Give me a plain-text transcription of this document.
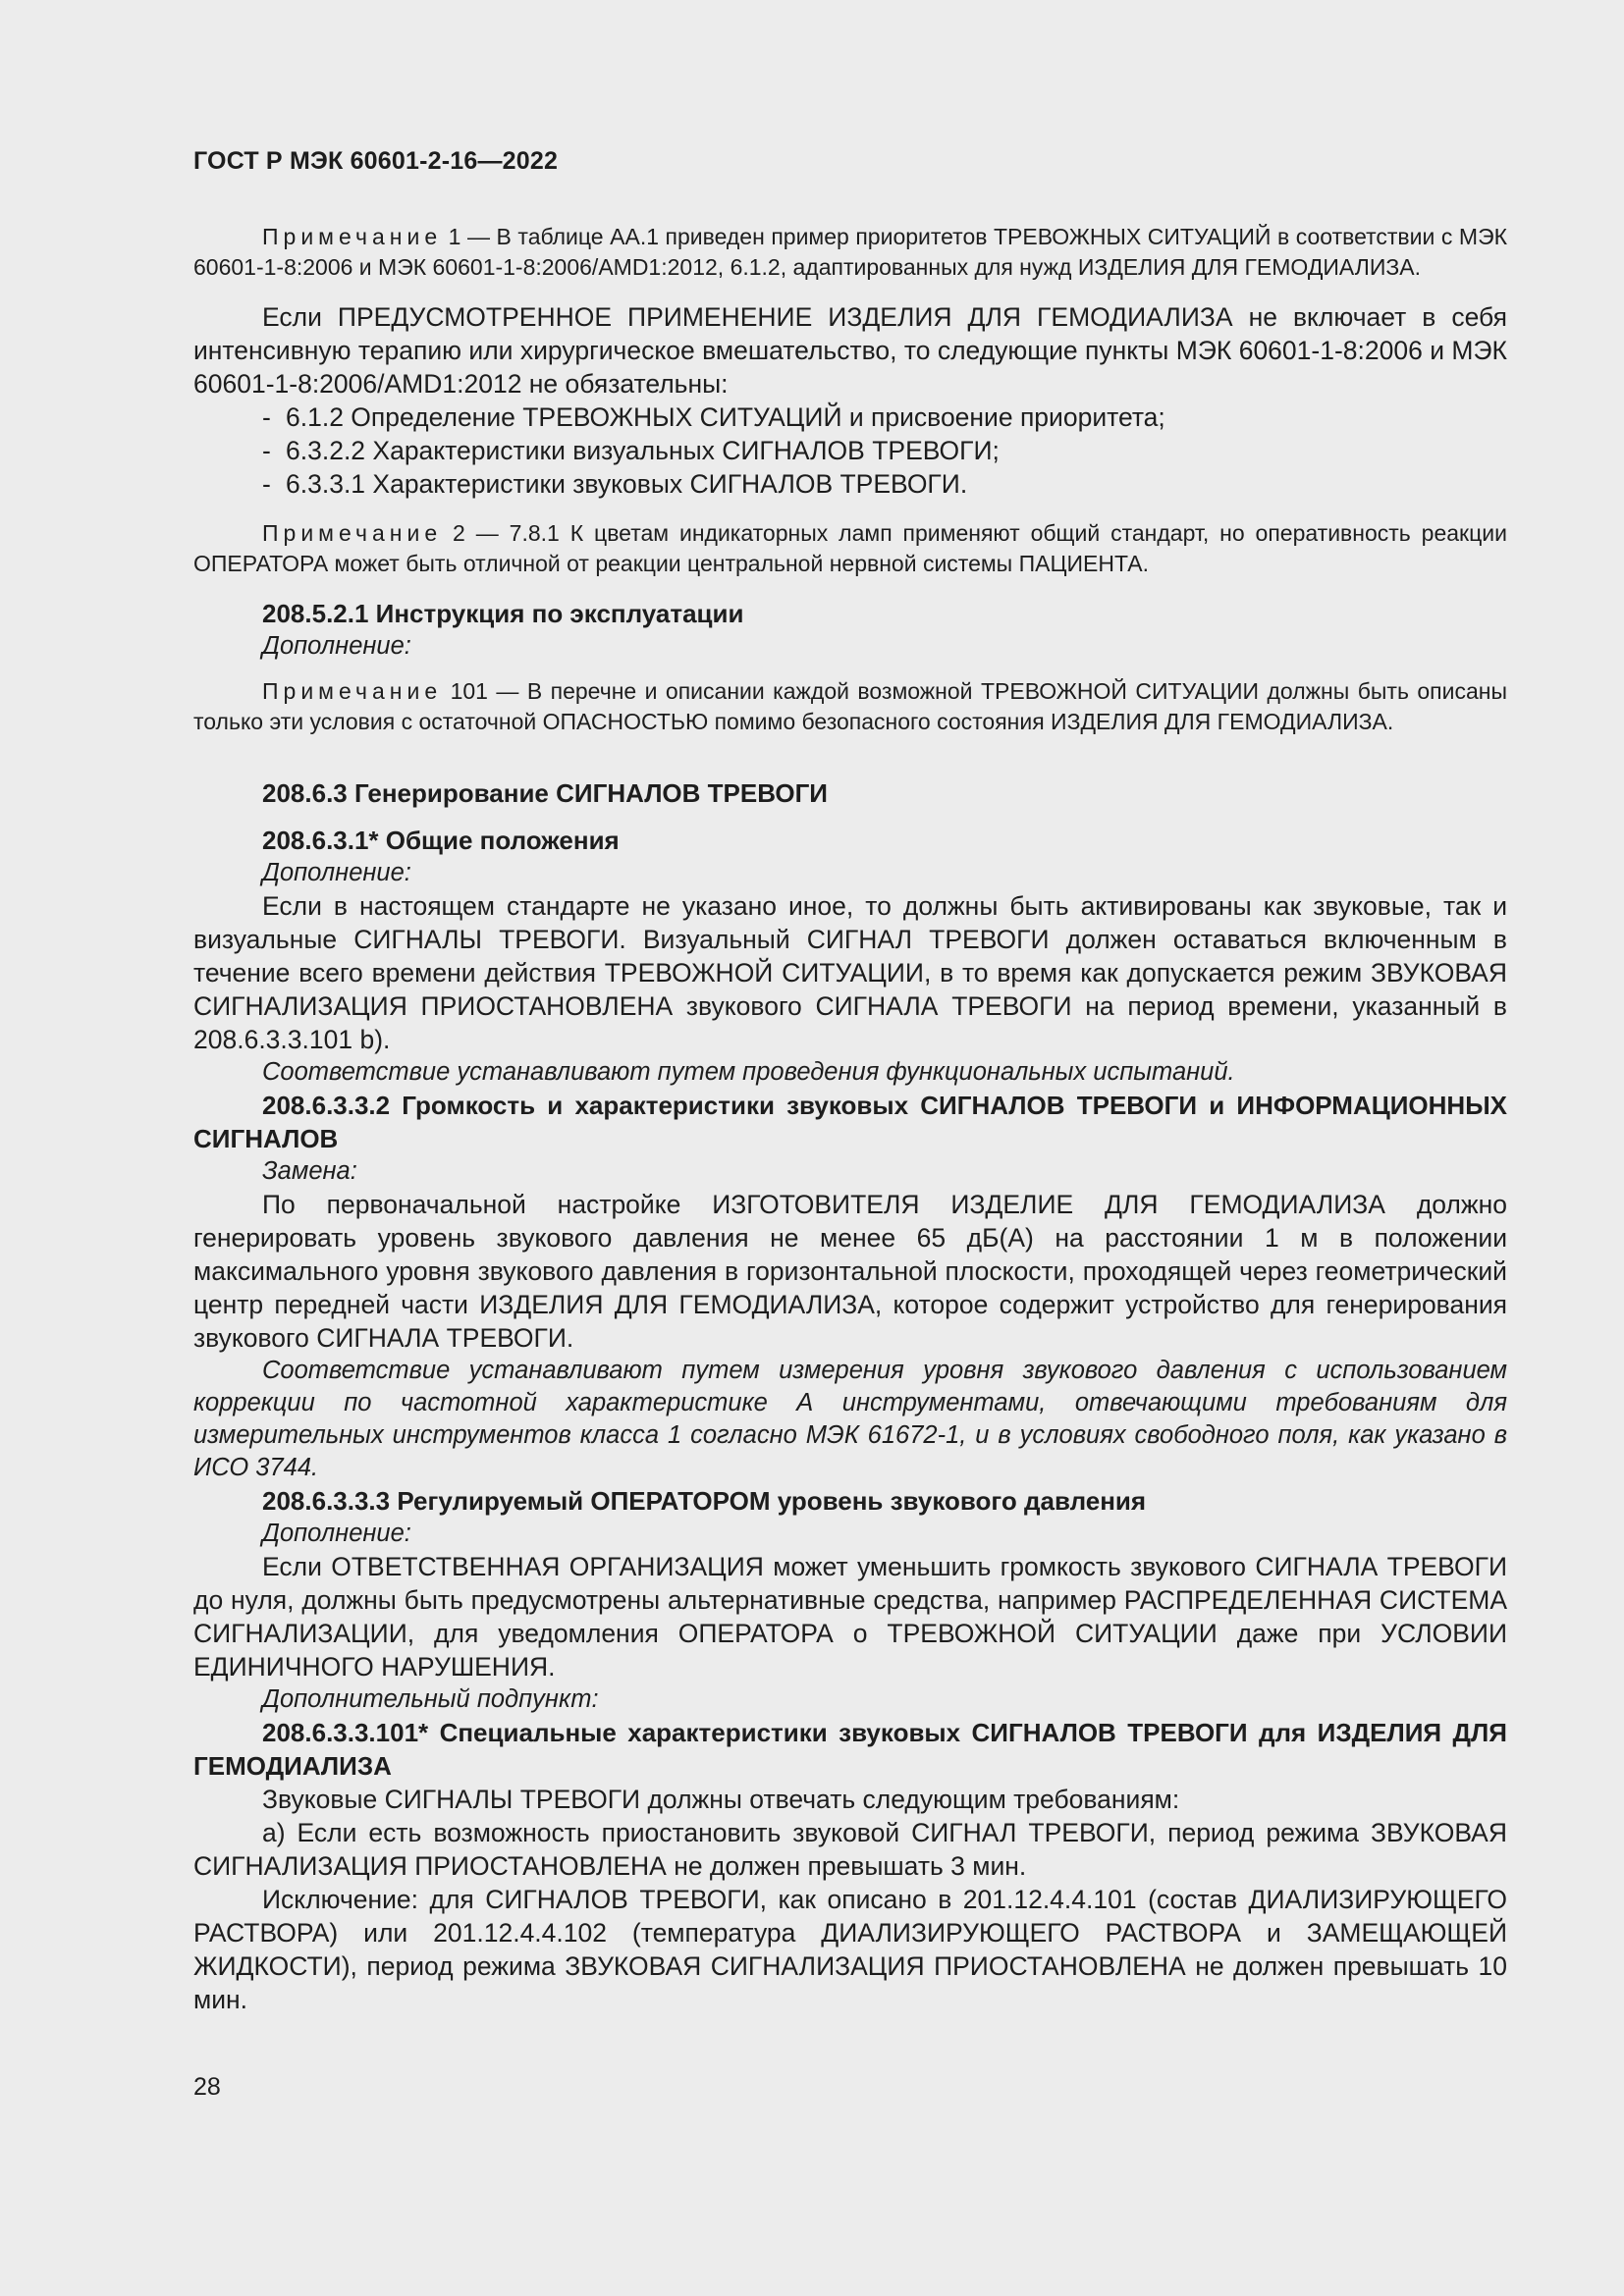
ГОСТ Р МЭК 60601-2-16—2022

Примечание 1 — В таблице АА.1 приведен пример приоритетов ТРЕВОЖНЫХ СИТУАЦИЙ в соответствии с МЭК 60601-1-8:2006 и МЭК 60601-1-8:2006/AMD1:2012, 6.1.2, адаптированных для нужд ИЗДЕЛИЯ ДЛЯ ГЕМОДИАЛИЗА.

Если ПРЕДУСМОТРЕННОЕ ПРИМЕНЕНИЕ ИЗДЕЛИЯ ДЛЯ ГЕМОДИАЛИЗА не включает в себя интенсивную терапию или хирургическое вмешательство, то следующие пункты МЭК 60601-1-8:2006 и МЭК 60601-1-8:2006/AMD1:2012 не обязательны:

- 6.1.2 Определение ТРЕВОЖНЫХ СИТУАЦИЙ и присвоение приоритета;
- 6.3.2.2 Характеристики визуальных СИГНАЛОВ ТРЕВОГИ;
- 6.3.3.1 Характеристики звуковых СИГНАЛОВ ТРЕВОГИ.

Примечание 2 — 7.8.1 К цветам индикаторных ламп применяют общий стандарт, но оперативность реакции ОПЕРАТОРА может быть отличной от реакции центральной нервной системы ПАЦИЕНТА.

208.5.2.1 Инструкция по эксплуатации

Дополнение:

Примечание 101 — В перечне и описании каждой возможной ТРЕВОЖНОЙ СИТУАЦИИ должны быть описаны только эти условия с остаточной ОПАСНОСТЬЮ помимо безопасного состояния ИЗДЕЛИЯ ДЛЯ ГЕМОДИАЛИЗА.

208.6.3 Генерирование СИГНАЛОВ ТРЕВОГИ

208.6.3.1* Общие положения

Дополнение:

Если в настоящем стандарте не указано иное, то должны быть активированы как звуковые, так и визуальные СИГНАЛЫ ТРЕВОГИ. Визуальный СИГНАЛ ТРЕВОГИ должен оставаться включенным в течение всего времени действия ТРЕВОЖНОЙ СИТУАЦИИ, в то время как допускается режим ЗВУКОВАЯ СИГНАЛИЗАЦИЯ ПРИОСТАНОВЛЕНА звукового СИГНАЛА ТРЕВОГИ на период времени, указанный в 208.6.3.3.101 b).

Соответствие устанавливают путем проведения функциональных испытаний.

208.6.3.3.2 Громкость и характеристики звуковых СИГНАЛОВ ТРЕВОГИ и ИНФОРМАЦИОННЫХ СИГНАЛОВ

Замена:

По первоначальной настройке ИЗГОТОВИТЕЛЯ ИЗДЕЛИЕ ДЛЯ ГЕМОДИАЛИЗА должно генерировать уровень звукового давления не менее 65 дБ(А) на расстоянии 1 м в положении максимального уровня звукового давления в горизонтальной плоскости, проходящей через геометрический центр передней части ИЗДЕЛИЯ ДЛЯ ГЕМОДИАЛИЗА, которое содержит устройство для генерирования звукового СИГНАЛА ТРЕВОГИ.

Соответствие устанавливают путем измерения уровня звукового давления с использованием коррекции по частотной характеристике А инструментами, отвечающими требованиям для измерительных инструментов класса 1 согласно МЭК 61672-1, и в условиях свободного поля, как указано в ИСО 3744.

208.6.3.3.3 Регулируемый ОПЕРАТОРОМ уровень звукового давления

Дополнение:

Если ОТВЕТСТВЕННАЯ ОРГАНИЗАЦИЯ может уменьшить громкость звукового СИГНАЛА ТРЕВОГИ до нуля, должны быть предусмотрены альтернативные средства, например РАСПРЕДЕЛЕННАЯ СИСТЕМА СИГНАЛИЗАЦИИ, для уведомления ОПЕРАТОРА о ТРЕВОЖНОЙ СИТУАЦИИ даже при УСЛОВИИ ЕДИНИЧНОГО НАРУШЕНИЯ.

Дополнительный подпункт:

208.6.3.3.101* Специальные характеристики звуковых СИГНАЛОВ ТРЕВОГИ для ИЗДЕЛИЯ ДЛЯ ГЕМОДИАЛИЗА

Звуковые СИГНАЛЫ ТРЕВОГИ должны отвечать следующим требованиям:

a) Если есть возможность приостановить звуковой СИГНАЛ ТРЕВОГИ, период режима ЗВУКОВАЯ СИГНАЛИЗАЦИЯ ПРИОСТАНОВЛЕНА не должен превышать 3 мин.

Исключение: для СИГНАЛОВ ТРЕВОГИ, как описано в 201.12.4.4.101 (состав ДИАЛИЗИРУЮЩЕГО РАСТВОРА) или 201.12.4.4.102 (температура ДИАЛИЗИРУЮЩЕГО РАСТВОРА и ЗАМЕЩАЮЩЕЙ ЖИДКОСТИ), период режима ЗВУКОВАЯ СИГНАЛИЗАЦИЯ ПРИОСТАНОВЛЕНА не должен превышать 10 мин.

28
